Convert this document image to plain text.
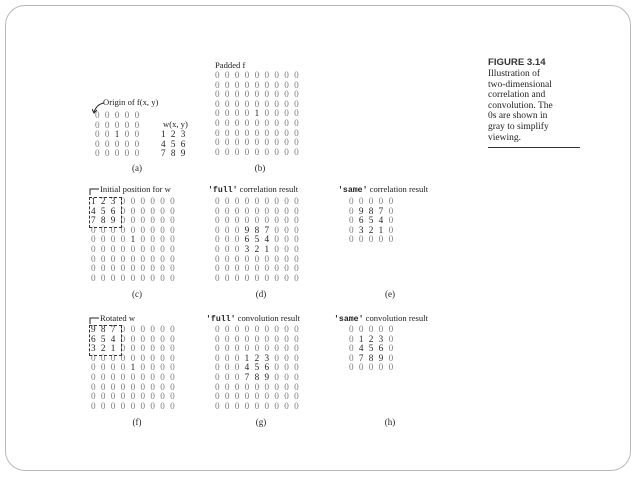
Origin of f(x, y)
0 0 0 0 0
0 0 0 0 0
0 0 1 0 0
0 0 0 0 0
0 0 0 0 0
w(x, y)
1 2 3
4 5 6
7 8 9
(a)
Padded f
0 0 0 0 0 0 0 0 0
0 0 0 0 0 0 0 0 0
0 0 0 0 0 0 0 0 0
0 0 0 0 0 0 0 0 0
0 0 0 0 1 0 0 0 0
0 0 0 0 0 0 0 0 0
0 0 0 0 0 0 0 0 0
0 0 0 0 0 0 0 0 0
0 0 0 0 0 0 0 0 0
(b)
FIGURE 3.14
Illustration of
two-dimensional
correlation and
convolution. The
0s are shown in
gray to simplify
viewing.
Initial position for w
1 2 3 0 0 0 0 0 0
4 5 6 0 0 0 0 0 0
7 8 9 0 0 0 0 0 0
0 0 0 0 0 0 0 0 0
0 0 0 0 1 0 0 0 0
0 0 0 0 0 0 0 0 0
0 0 0 0 0 0 0 0 0
0 0 0 0 0 0 0 0 0
0 0 0 0 0 0 0 0 0
(c)
'full' correlation result
0 0 0 0 0 0 0 0 0
0 0 0 0 0 0 0 0 0
0 0 0 0 0 0 0 0 0
0 0 0 9 8 7 0 0 0
0 0 0 6 5 4 0 0 0
0 0 0 3 2 1 0 0 0
0 0 0 0 0 0 0 0 0
0 0 0 0 0 0 0 0 0
0 0 0 0 0 0 0 0 0
(d)
'same' correlation result
0 0 0 0 0
0 9 8 7 0
0 6 5 4 0
0 3 2 1 0
0 0 0 0 0
(e)
Rotated w
9 8 7 0 0 0 0 0 0
6 5 4 0 0 0 0 0 0
3 2 1 0 0 0 0 0 0
0 0 0 0 0 0 0 0 0
0 0 0 0 1 0 0 0 0
0 0 0 0 0 0 0 0 0
0 0 0 0 0 0 0 0 0
0 0 0 0 0 0 0 0 0
0 0 0 0 0 0 0 0 0
(f)
'full' convolution result
0 0 0 0 0 0 0 0 0
0 0 0 0 0 0 0 0 0
0 0 0 0 0 0 0 0 0
0 0 0 1 2 3 0 0 0
0 0 0 4 5 6 0 0 0
0 0 0 7 8 9 0 0 0
0 0 0 0 0 0 0 0 0
0 0 0 0 0 0 0 0 0
0 0 0 0 0 0 0 0 0
(g)
'same' convolution result
0 0 0 0 0
0 1 2 3 0
0 4 5 6 0
0 7 8 9 0
0 0 0 0 0
(h)
